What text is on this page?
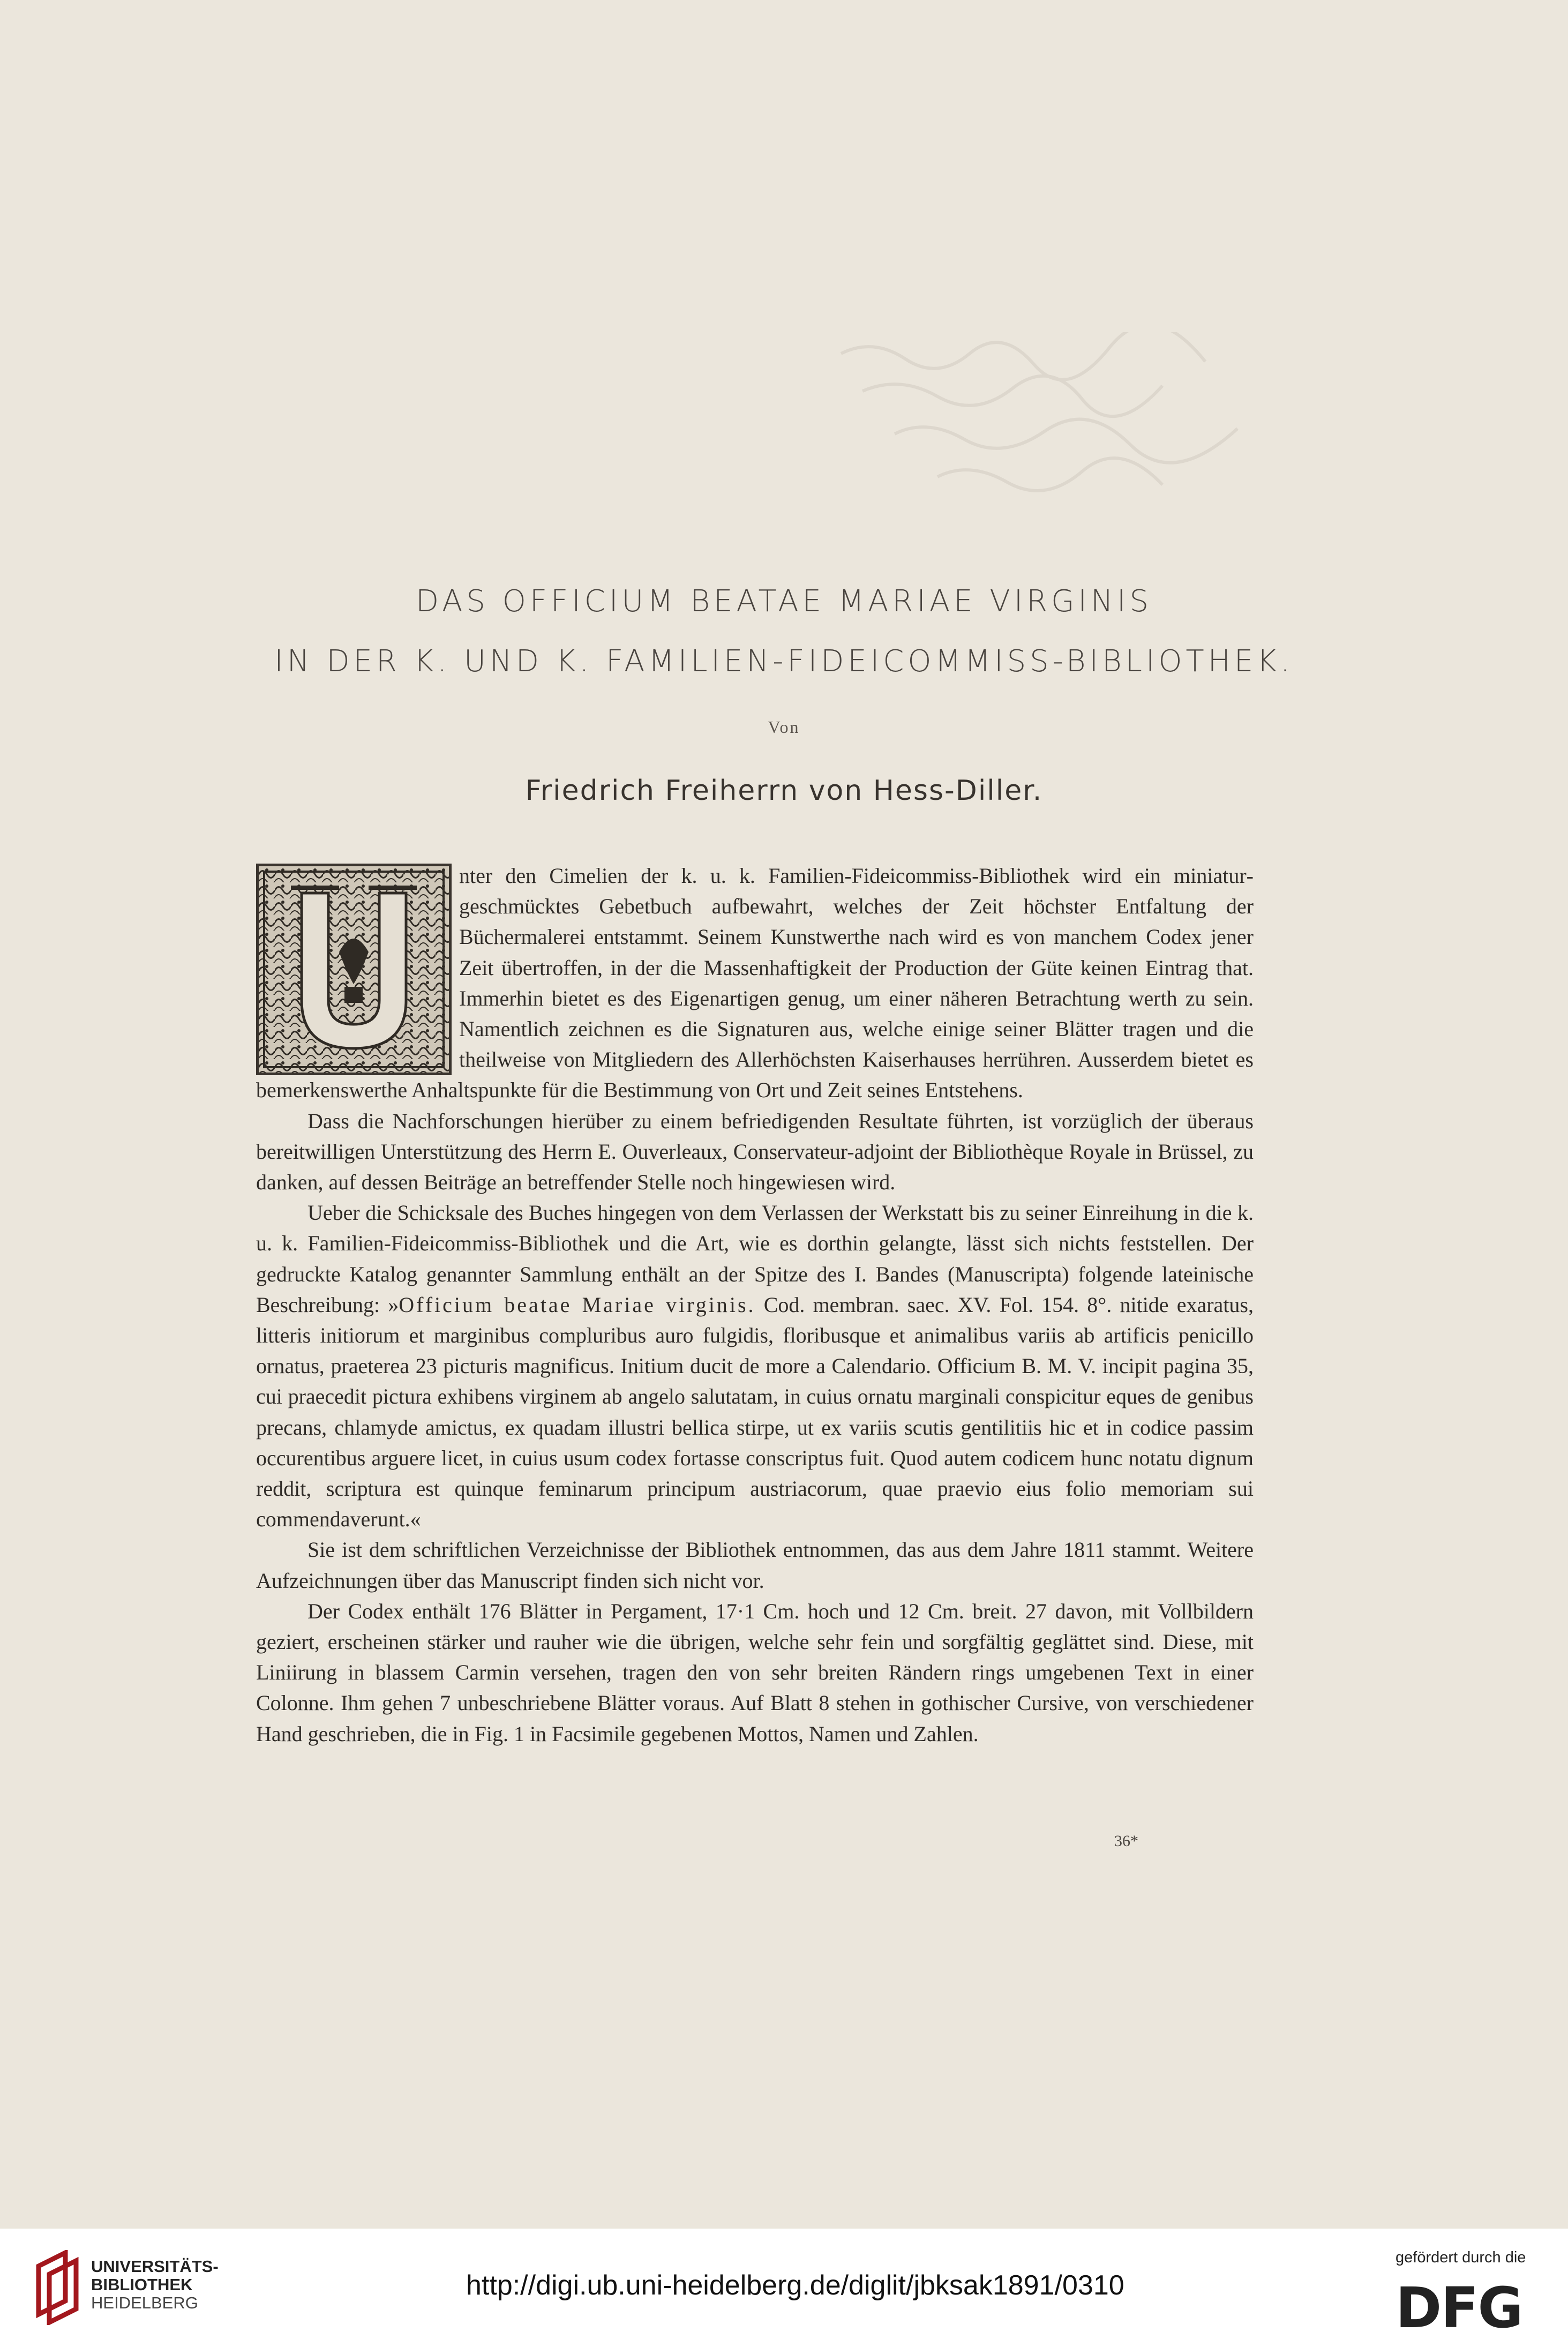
DAS OFFICIUM BEATAE MARIAE VIRGINIS

IN DER K. UND K. FAMILIEN-FIDEICOMMISS-BIBLIOTHEK.

Von
Friedrich Freiherrn von Hess-Diller.

nter den Cimelien der k. u. k. Familien-Fideicommiss-Bibliothek wird ein miniaturgeschmücktes Gebetbuch aufbewahrt, welches der Zeit höchster Entfaltung der Büchermalerei entstammt. Seinem Kunstwerthe nach wird es von manchem Codex jener Zeit übertroffen, in der die Massenhaftigkeit der Production der Güte keinen Eintrag that. Immerhin bietet es des Eigenartigen genug, um einer näheren Betrachtung werth zu sein. Namentlich zeichnen es die Signaturen aus, welche einige seiner Blätter tragen und die theilweise von Mitgliedern des Allerhöchsten Kaiserhauses herrühren. Ausserdem bietet es bemerkenswerthe Anhaltspunkte für die Bestimmung von Ort und Zeit seines Entstehens.

Dass die Nachforschungen hierüber zu einem befriedigenden Resultate führten, ist vorzüglich der überaus bereitwilligen Unterstützung des Herrn E. Ouverleaux, Conservateur-adjoint der Bibliothèque Royale in Brüssel, zu danken, auf dessen Beiträge an betreffender Stelle noch hingewiesen wird.

Ueber die Schicksale des Buches hingegen von dem Verlassen der Werkstatt bis zu seiner Einreihung in die k. u. k. Familien-Fideicommiss-Bibliothek und die Art, wie es dorthin gelangte, lässt sich nichts feststellen. Der gedruckte Katalog genannter Sammlung enthält an der Spitze des I. Bandes (Manuscripta) folgende lateinische Beschreibung: »Officium beatae Mariae virginis. Cod. membran. saec. XV. Fol. 154. 8°. nitide exaratus, litteris initiorum et marginibus compluribus auro fulgidis, floribusque et animalibus variis ab artificis penicillo ornatus, praeterea 23 picturis magnificus. Initium ducit de more a Calendario. Officium B. M. V. incipit pagina 35, cui praecedit pictura exhibens virginem ab angelo salutatam, in cuius ornatu marginali conspicitur eques de genibus precans, chlamyde amictus, ex quadam illustri bellica stirpe, ut ex variis scutis gentilitiis hic et in codice passim occurentibus arguere licet, in cuius usum codex fortasse conscriptus fuit. Quod autem codicem hunc notatu dignum reddit, scriptura est quinque feminarum principum austriacorum, quae praevio eius folio memoriam sui commendaverunt.«

Sie ist dem schriftlichen Verzeichnisse der Bibliothek entnommen, das aus dem Jahre 1811 stammt. Weitere Aufzeichnungen über das Manuscript finden sich nicht vor.

Der Codex enthält 176 Blätter in Pergament, 17·1 Cm. hoch und 12 Cm. breit. 27 davon, mit Vollbildern geziert, erscheinen stärker und rauher wie die übrigen, welche sehr fein und sorgfältig geglättet sind. Diese, mit Liniirung in blassem Carmin versehen, tragen den von sehr breiten Rändern rings umgebenen Text in einer Colonne. Ihm gehen 7 unbeschriebene Blätter voraus. Auf Blatt 8 stehen in gothischer Cursive, von verschiedener Hand geschrieben, die in Fig. 1 in Facsimile gegebenen Mottos, Namen und Zahlen.

36*
UNIVERSITÄTS-
BIBLIOTHEK
HEIDELBERG
http://digi.ub.uni-heidelberg.de/diglit/jbksak1891/0310
gefördert durch die
DFG
